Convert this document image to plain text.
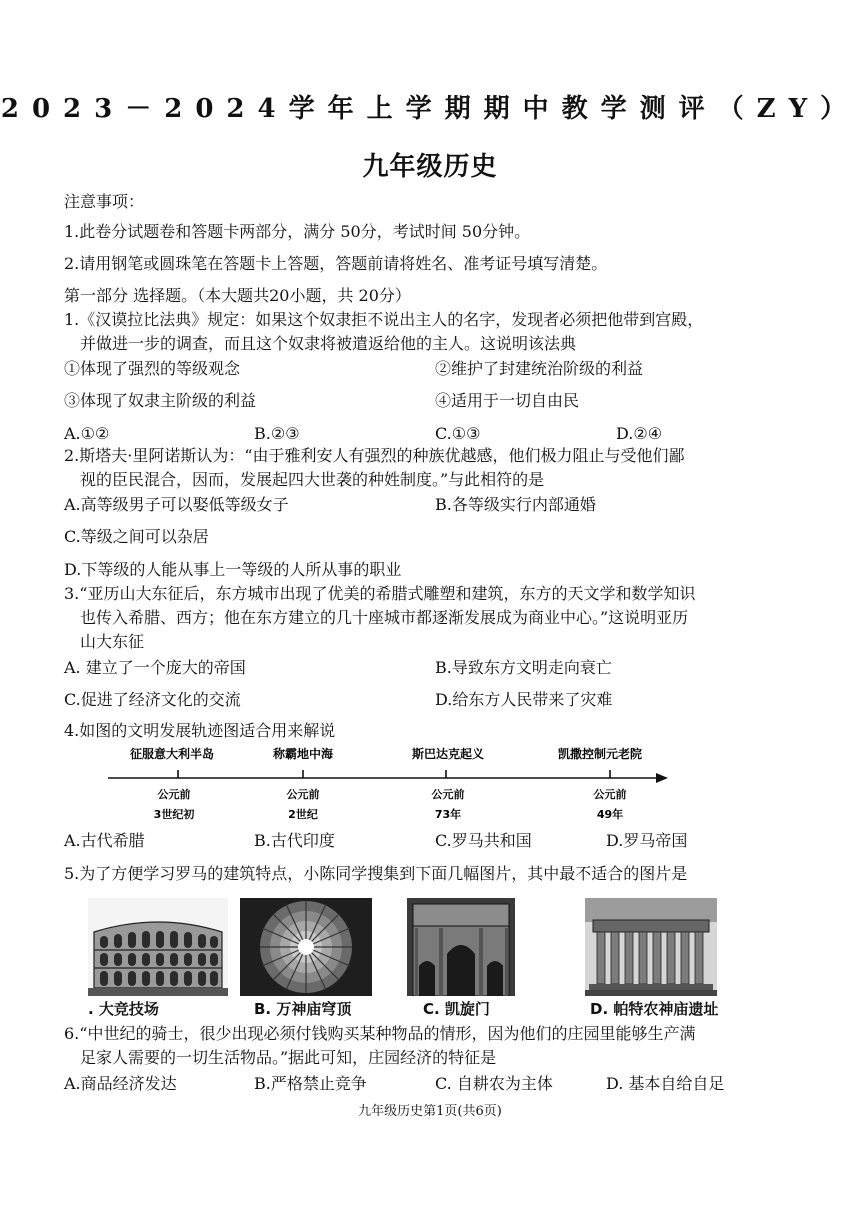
2023－2024学年上学期期中教学测评（ZY）
九年级历史
注意事项：
1.此卷分试题卷和答题卡两部分，满分 50分，考试时间 50分钟。
2.请用钢笔或圆珠笔在答题卡上答题，答题前请将姓名、准考证号填写清楚。
第一部分 选择题。（本大题共20小题，共 20分）
1.《汉谟拉比法典》规定：如果这个奴隶拒不说出主人的名字，发现者必须把他带到宫殿，
并做进一步的调查，而且这个奴隶将被遣返给他的主人。这说明该法典
①体现了强烈的等级观念	②维护了封建统治阶级的利益
③体现了奴隶主阶级的利益	④适用于一切自由民
A.①②	B.②③	C.①③	D.②④
2.斯塔夫·里阿诺斯认为：“由于雅利安人有强烈的种族优越感，他们极力阻止与受他们鄙
视的臣民混合，因而，发展起四大世袭的种姓制度。”与此相符的是
A.高等级男子可以娶低等级女子	B.各等级实行内部通婚
C.等级之间可以杂居
D.下等级的人能从事上一等级的人所从事的职业
3.“亚历山大东征后，东方城市出现了优美的希腊式雕塑和建筑，东方的天文学和数学知识
也传入希腊、西方；他在东方建立的几十座城市都逐渐发展成为商业中心。”这说明亚历
山大东征
A. 建立了一个庞大的帝国	B.导致东方文明走向衰亡
C.促进了经济文化的交流	D.给东方人民带来了灾难
4.如图的文明发展轨迹图适合用来解说
征服意大利半岛	称霸地中海	斯巴达克起义	凯撒控制元老院
公元前	公元前	公元前	公元前
3世纪初	2世纪	73年	49年
A.古代希腊	B.古代印度	C.罗马共和国	D.罗马帝国
5.为了方便学习罗马的建筑特点，小陈同学搜集到下面几幅图片，其中最不适合的图片是
. 大竞技场	B. 万神庙穹顶	C. 凯旋门	D. 帕特农神庙遗址
6.“中世纪的骑士，很少出现必须付钱购买某种物品的情形，因为他们的庄园里能够生产满
足家人需要的一切生活物品。”据此可知，庄园经济的特征是
A.商品经济发达	B.严格禁止竞争	C. 自耕农为主体	D. 基本自给自足
九年级历史第1页(共6页)
